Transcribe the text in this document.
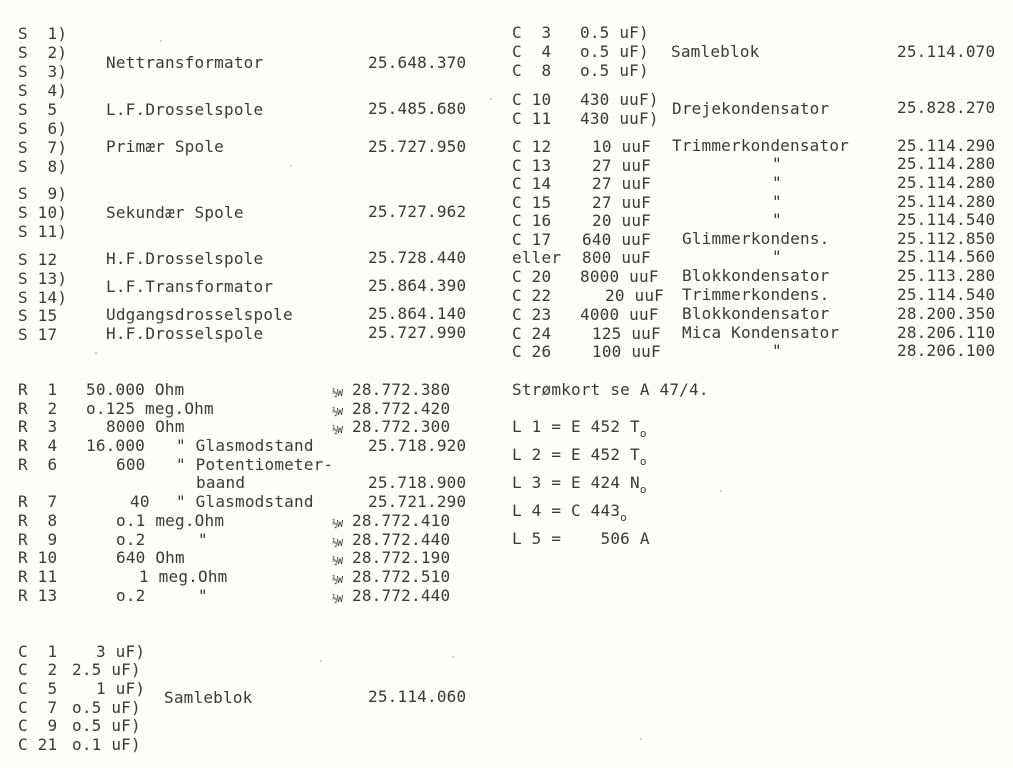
S  1)
S  2)
S  3) Nettransformator	25.648.370
S  4)
S  5	L.F.Drosselspole	25.485.680
S  6)
S  7) Primær Spole	25.727.950
S  8)
S  9)
S 10) Sekundær Spole	25.727.962
S 11)
S 12	H.F.Drosselspole	25.728.440
S 13) L.F.Transformator	25.864.390
S 14)
S 15	Udgangsdrosselspole	25.864.140
S 17	H.F.Drosselspole	25.727.990
R  1 50.000 Ohm	½W 28.772.380
R  2 o.125 meg.Ohm	½W 28.772.420
R  3	8000 Ohm	½W 28.772.300
R  4 16.000 " Glasmodstand	25.718.920
R  6	600 " Potentiometer-
baand	25.718.900
R  7	40 " Glasmodstand	25.721.290
R  8	o.1 meg.Ohm	½W 28.772.410
R  9	o.2	"	½W 28.772.440
R 10	640 Ohm	½W 28.772.190
R 11	1 meg.Ohm	½W 28.772.510
R 13	o.2	"	½W 28.772.440
C  1 3 uF)
C  2 2.5 uF)
C  5 1 uF) Samleblok	25.114.060
C  7 o.5 uF)
C  9 o.5 uF)
C 21 o.1 uF)
C  3 0.5 uF)
C  4 o.5 uF) Samleblok	25.114.070
C  8 o.5 uF)
C 10 430 uuF)
C 11 430 uuF)
Drejekondensator	25.828.270
C 12	10 uuF Trimmerkondensator	25.114.290
C 13	27 uuF	"	25.114.280
C 14	27 uuF	"	25.114.280
C 15	27 uuF	"	25.114.280
C 16	20 uuF	"	25.114.540
C 17 640 uuF Glimmerkondens.	25.112.850
eller 800 uuF	"	25.114.560
C 20 8000 uuF Blokkondensator	25.113.280
C 22	20 uuF Trimmerkondens.	25.114.540
C 23 4000 uuF Blokkondensator	28.200.350
C 24	125 uuF Mica Kondensator	28.206.110
C 26	100 uuF	"	28.206.100
Strømkort se A 47/4.
L 1 = E 452 $T_o$
L 2 = E 452 $T_o$
L 3 = E 424 $N_o$
L 4 = C $443_o$
L 5 =    506 A
